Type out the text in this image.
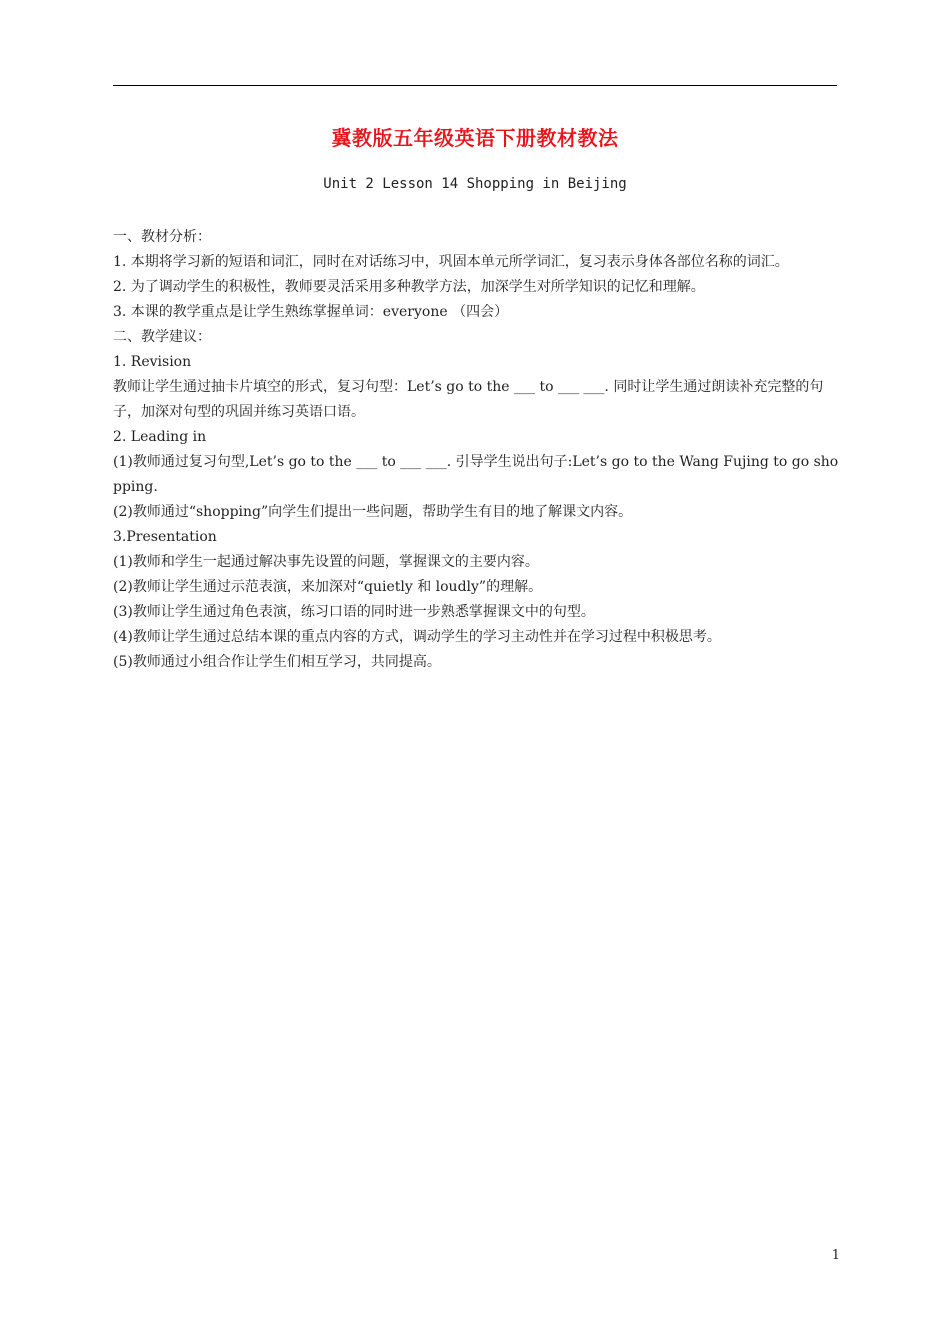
冀教版五年级英语下册教材教法
Unit 2 Lesson 14 Shopping in Beijing

一、教材分析：

1. 本期将学习新的短语和词汇，同时在对话练习中，巩固本单元所学词汇，复习表示身体各部位名称的词汇。

2. 为了调动学生的积极性，教师要灵活采用多种教学方法，加深学生对所学知识的记忆和理解。

3. 本课的教学重点是让学生熟练掌握单词：everyone （四会）

二、教学建议：

1. Revision

教师让学生通过抽卡片填空的形式，复习句型：Let’s go to the ___ to ___ ___. 同时让学生通过朗读补充完整的句子，加深对句型的巩固并练习英语口语。

2. Leading in

(1)教师通过复习句型,Let’s go to the ___ to ___ ___. 引导学生说出句子:Let’s go to the Wang Fujing to go shopping.

(2)教师通过“shopping”向学生们提出一些问题，帮助学生有目的地了解课文内容。

3.Presentation

(1)教师和学生一起通过解决事先设置的问题，掌握课文的主要内容。

(2)教师让学生通过示范表演，来加深对“quietly 和 loudly”的理解。

(3)教师让学生通过角色表演，练习口语的同时进一步熟悉掌握课文中的句型。

(4)教师让学生通过总结本课的重点内容的方式，调动学生的学习主动性并在学习过程中积极思考。

(5)教师通过小组合作让学生们相互学习，共同提高。

1
